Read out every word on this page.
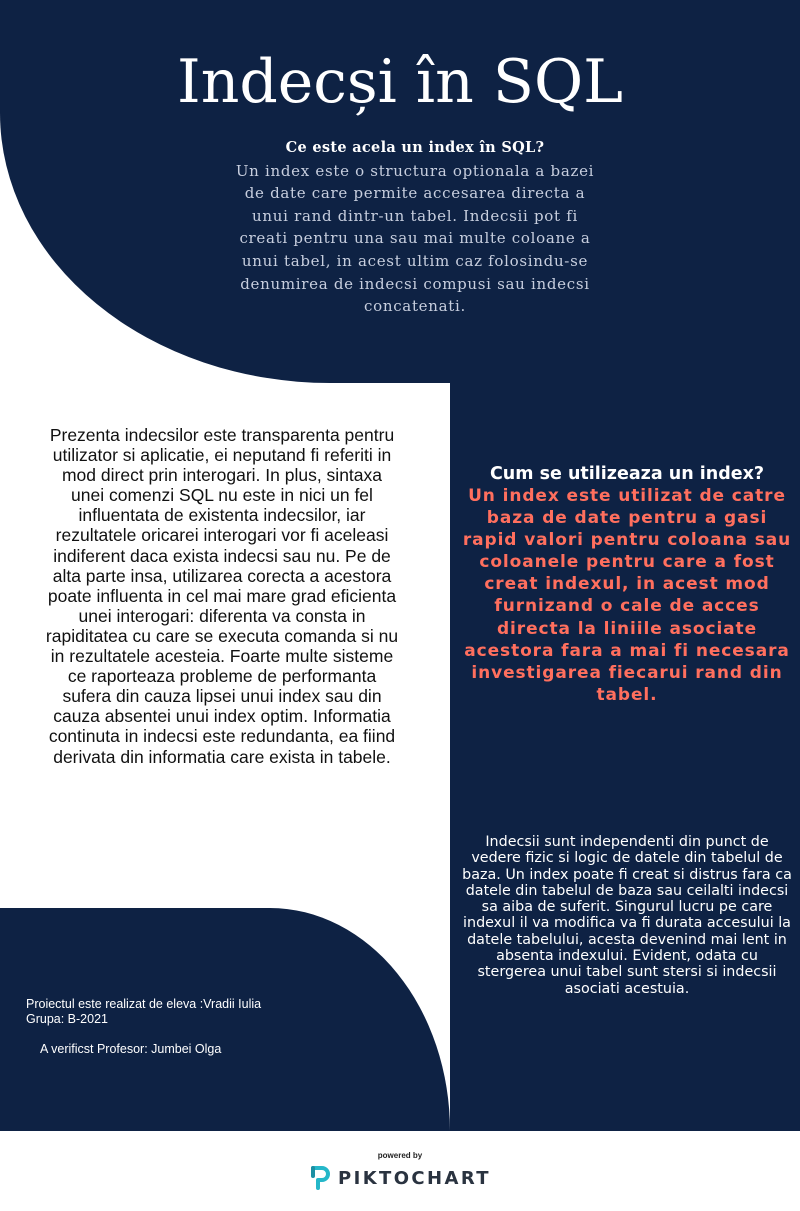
Indecși în SQL
Ce este acela un index în SQL?
Un index este o structura optionala a bazei de date care permite accesarea directa a unui rand dintr-un tabel. Indecsii pot fi creati pentru una sau mai multe coloane a unui tabel, in acest ultim caz folosindu-se denumirea de indecsi compusi sau indecsi concatenati.
Prezenta indecsilor este transparenta pentru utilizator si aplicatie, ei neputand fi referiti in mod direct prin interogari. In plus, sintaxa unei comenzi SQL nu este in nici un fel influentata de existenta indecsilor, iar rezultatele oricarei interogari vor fi aceleasi indiferent daca exista indecsi sau nu. Pe de alta parte insa, utilizarea corecta a acestora poate influenta in cel mai mare grad eficienta unei interogari: diferenta va consta in rapiditatea cu care se executa comanda si nu in rezultatele acesteia. Foarte multe sisteme ce raporteaza probleme de performanta sufera din cauza lipsei unui index sau din cauza absentei unui index optim. Informatia continuta in indecsi este redundanta, ea fiind derivata din informatia care exista in tabele.
Cum se utilizeaza un index?
Un index este utilizat de catre baza de date pentru a gasi rapid valori pentru coloana sau coloanele pentru care a fost creat indexul, in acest mod furnizand o cale de acces directa la liniile asociate acestora fara a mai fi necesara investigarea fiecarui rand din tabel.
Indecsii sunt independenti din punct de vedere fizic si logic de datele din tabelul de baza. Un index poate fi creat si distrus fara ca datele din tabelul de baza sau ceilalti indecsi sa aiba de suferit. Singurul lucru pe care indexul il va modifica va fi durata accesului la datele tabelului, acesta devenind mai lent in absenta indexului. Evident, odata cu stergerea unui tabel sunt stersi si indecsii asociati acestuia.
Proiectul este realizat de eleva :Vradii Iulia
Grupa: B-2021
A verificst Profesor: Jumbei Olga
powered by
PIKTOCHART
